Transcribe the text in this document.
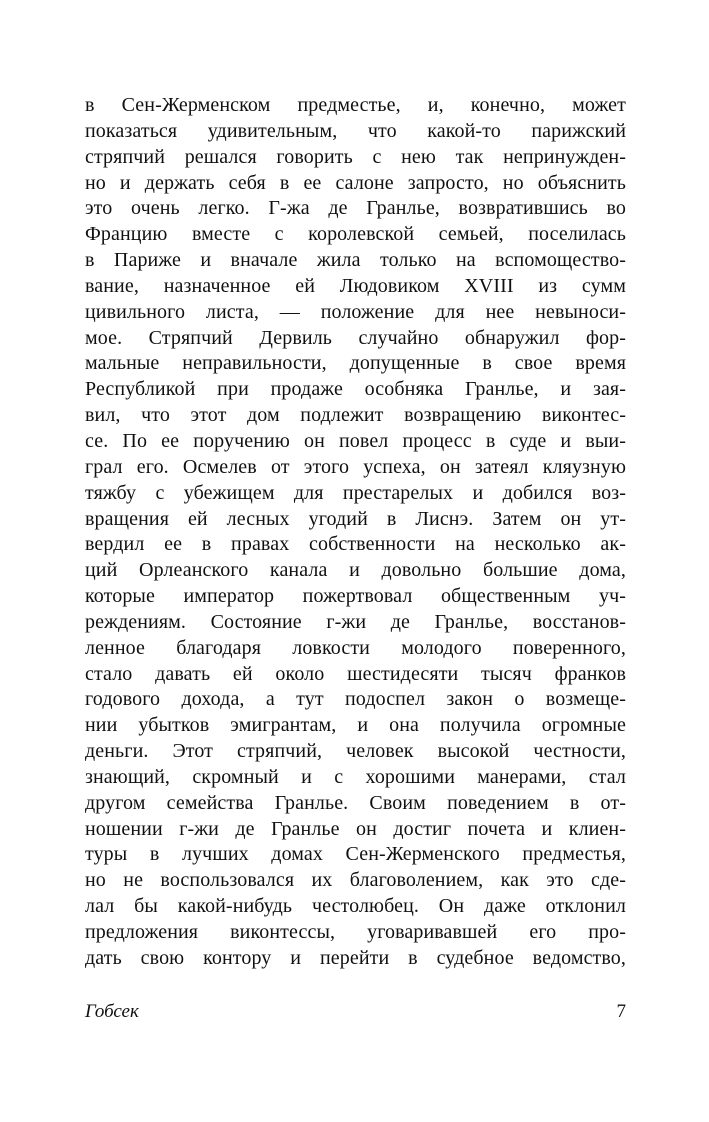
в Сен-Жерменском предместье, и, конечно, может
показаться удивительным, что какой-то парижский
стряпчий решался говорить с нею так непринужден-
но и держать себя в ее салоне запросто, но объяснить
это очень легко. Г-жа де Гранлье, возвратившись во
Францию вместе с королевской семьей, поселилась
в Париже и вначале жила только на вспомощество-
вание, назначенное ей Людовиком XVIII из сумм
цивильного листа, — положение для нее невыноси-
мое. Стряпчий Дервиль случайно обнаружил фор-
мальные неправильности, допущенные в свое время
Республикой при продаже особняка Гранлье, и зая-
вил, что этот дом подлежит возвращению виконтес-
се. По ее поручению он повел процесс в суде и выи-
грал его. Осмелев от этого успеха, он затеял кляузную
тяжбу с убежищем для престарелых и добился воз-
вращения ей лесных угодий в Лиснэ. Затем он ут-
вердил ее в правах собственности на несколько ак-
ций Орлеанского канала и довольно большие дома,
которые император пожертвовал общественным уч-
реждениям. Состояние г-жи де Гранлье, восстанов-
ленное благодаря ловкости молодого поверенного,
стало давать ей около шестидесяти тысяч франков
годового дохода, а тут подоспел закон о возмеще-
нии убытков эмигрантам, и она получила огромные
деньги. Этот стряпчий, человек высокой честности,
знающий, скромный и с хорошими манерами, стал
другом семейства Гранлье. Своим поведением в от-
ношении г-жи де Гранлье он достиг почета и клиен-
туры в лучших домах Сен-Жерменского предместья,
но не воспользовался их благоволением, как это сде-
лал бы какой-нибудь честолюбец. Он даже отклонил
предложения виконтессы, уговаривавшей его про-
дать свою контору и перейти в судебное ведомство,
Гобсек	7
